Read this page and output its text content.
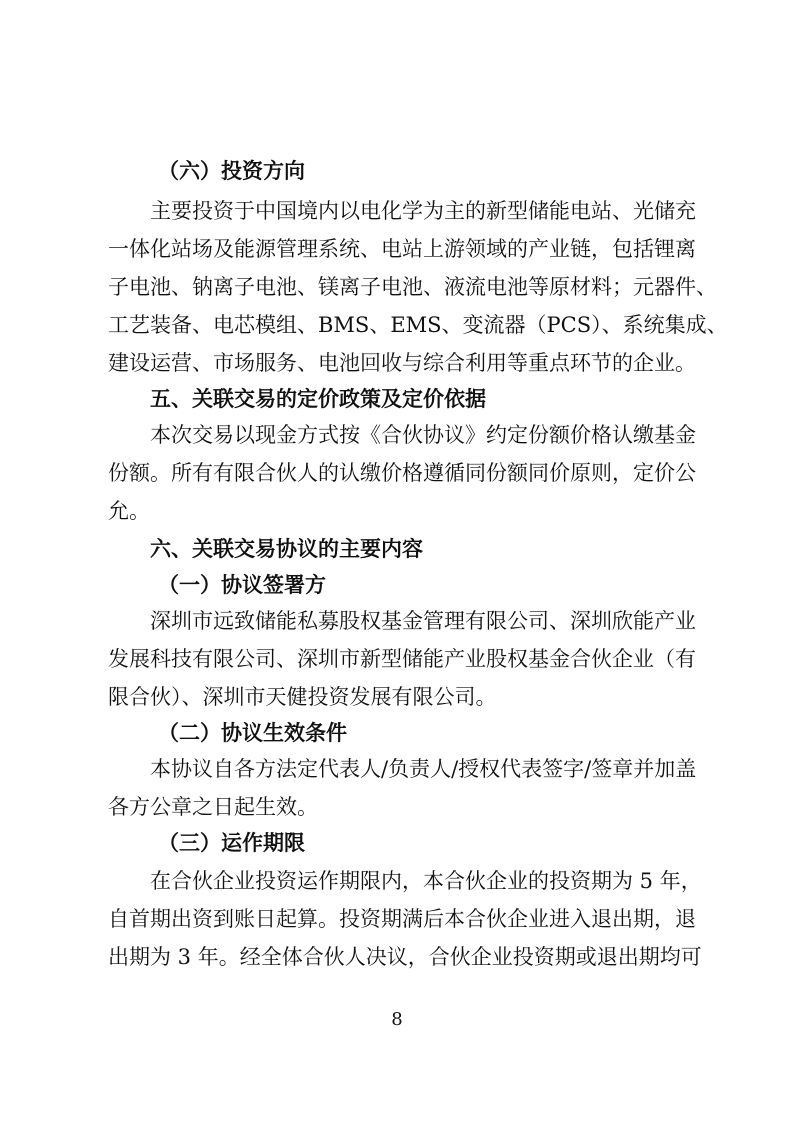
（六）投资方向
主要投资于中国境内以电化学为主的新型储能电站、光储充
一体化站场及能源管理系统、电站上游领域的产业链，包括锂离
子电池、钠离子电池、镁离子电池、液流电池等原材料；元器件、
工艺装备、电芯模组、BMS、EMS、变流器（PCS）、系统集成、
建设运营、市场服务、电池回收与综合利用等重点环节的企业。
五、关联交易的定价政策及定价依据
本次交易以现金方式按《合伙协议》约定份额价格认缴基金
份额。所有有限合伙人的认缴价格遵循同份额同价原则，定价公
允。
六、关联交易协议的主要内容
（一）协议签署方
深圳市远致储能私募股权基金管理有限公司、深圳欣能产业
发展科技有限公司、深圳市新型储能产业股权基金合伙企业（有
限合伙）、深圳市天健投资发展有限公司。
（二）协议生效条件
本协议自各方法定代表人/负责人/授权代表签字/签章并加盖
各方公章之日起生效。
（三）运作期限
在合伙企业投资运作期限内，本合伙企业的投资期为 5 年，
自首期出资到账日起算。投资期满后本合伙企业进入退出期，退
出期为 3 年。经全体合伙人决议，合伙企业投资期或退出期均可
8
